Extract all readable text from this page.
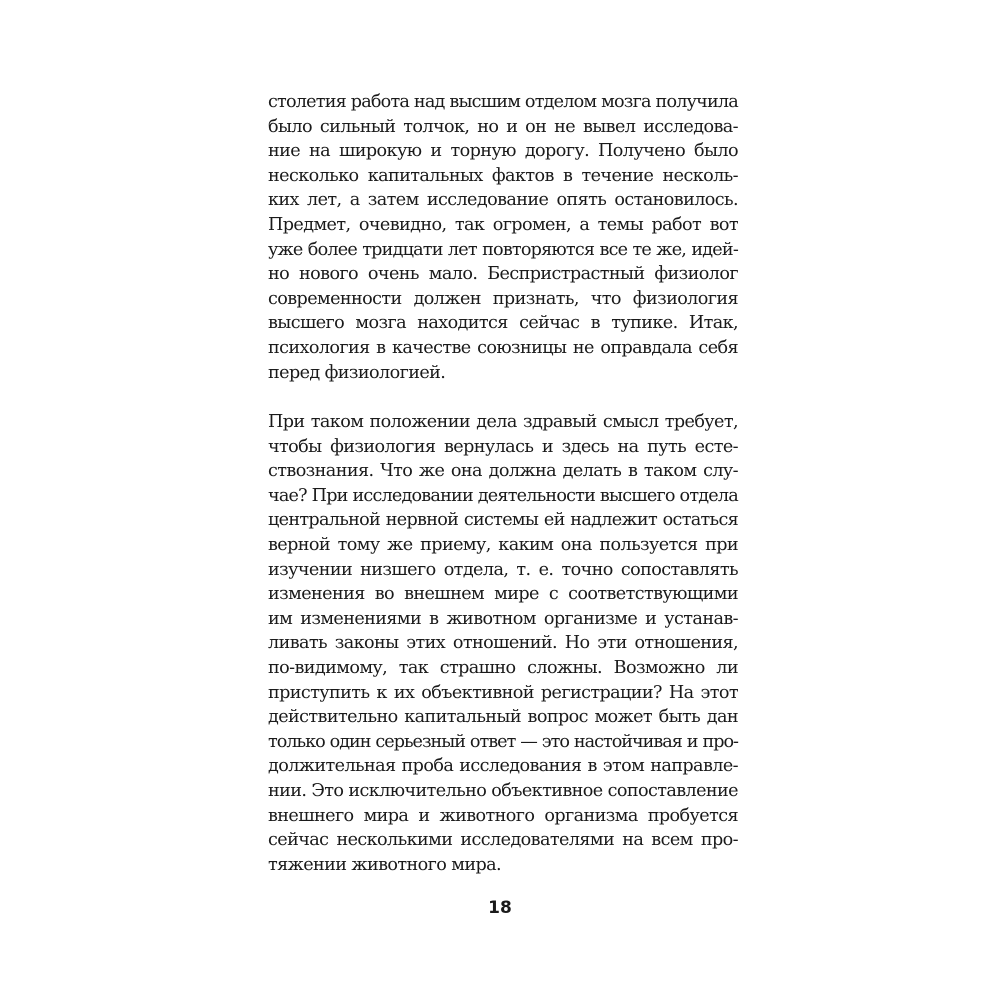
столетия работа над высшим отделом мозга получила
было сильный толчок, но и он не вывел исследова-
ние на широкую и торную дорогу. Получено было
несколько капитальных фактов в течение несколь-
ких лет, а затем исследование опять остановилось.
Предмет, очевидно, так огромен, а темы работ вот
уже более тридцати лет повторяются все те же, идей-
но нового очень мало. Беспристрастный физиолог
современности должен признать, что физиология
высшего мозга находится сейчас в тупике. Итак,
психология в качестве союзницы не оправдала себя
перед физиологией.
При таком положении дела здравый смысл требует,
чтобы физиология вернулась и здесь на путь есте-
ствознания. Что же она должна делать в таком слу-
чае? При исследовании деятельности высшего отдела
центральной нервной системы ей надлежит остаться
верной тому же приему, каким она пользуется при
изучении низшего отдела, т. е. точно сопоставлять
изменения во внешнем мире с соответствующими
им изменениями в животном организме и устанав-
ливать законы этих отношений. Но эти отношения,
по-видимому, так страшно сложны. Возможно ли
приступить к их объективной регистрации? На этот
действительно капитальный вопрос может быть дан
только один серьезный ответ — это настойчивая и про-
должительная проба исследования в этом направле-
нии. Это исключительно объективное сопоставление
внешнего мира и животного организма пробуется
сейчас несколькими исследователями на всем про-
тяжении животного мира.
18
